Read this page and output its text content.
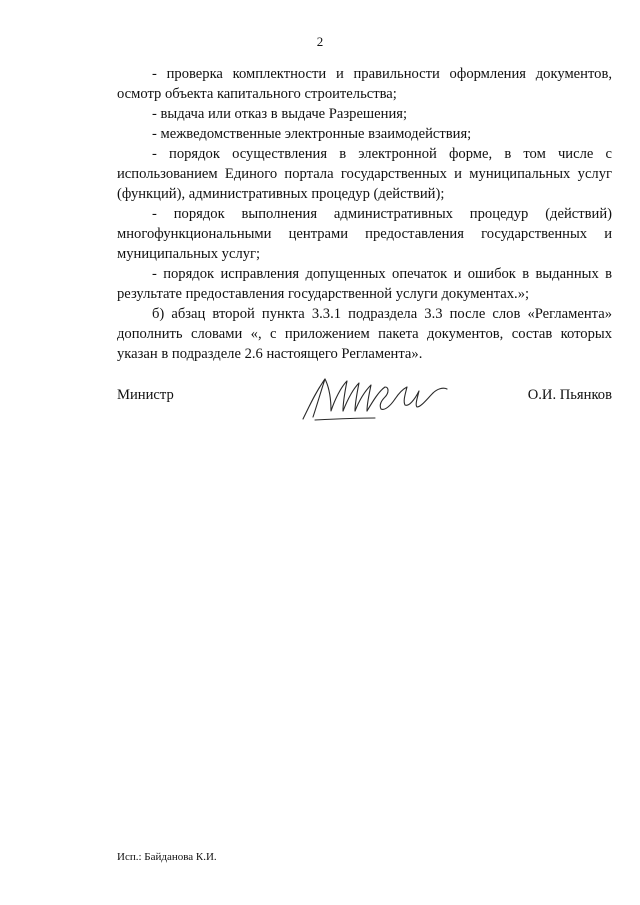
2

- проверка комплектности и правильности оформления документов, осмотр объекта капитального строительства;

- выдача или отказ в выдаче Разрешения;

- межведомственные электронные взаимодействия;

- порядок осуществления в электронной форме, в том числе с использованием Единого портала государственных и муниципальных услуг (функций), административных процедур (действий);

- порядок выполнения административных процедур (действий) многофункциональными центрами предоставления государственных и муниципальных услуг;

- порядок исправления допущенных опечаток и ошибок в выданных в результате предоставления государственной услуги документах.»;

б) абзац второй пункта 3.3.1 подраздела 3.3 после слов «Регламента» дополнить словами «, с приложением пакета документов, состав которых указан в подразделе 2.6 настоящего Регламента».

Министр	О.И. Пьянков
Исп.: Байданова К.И.
